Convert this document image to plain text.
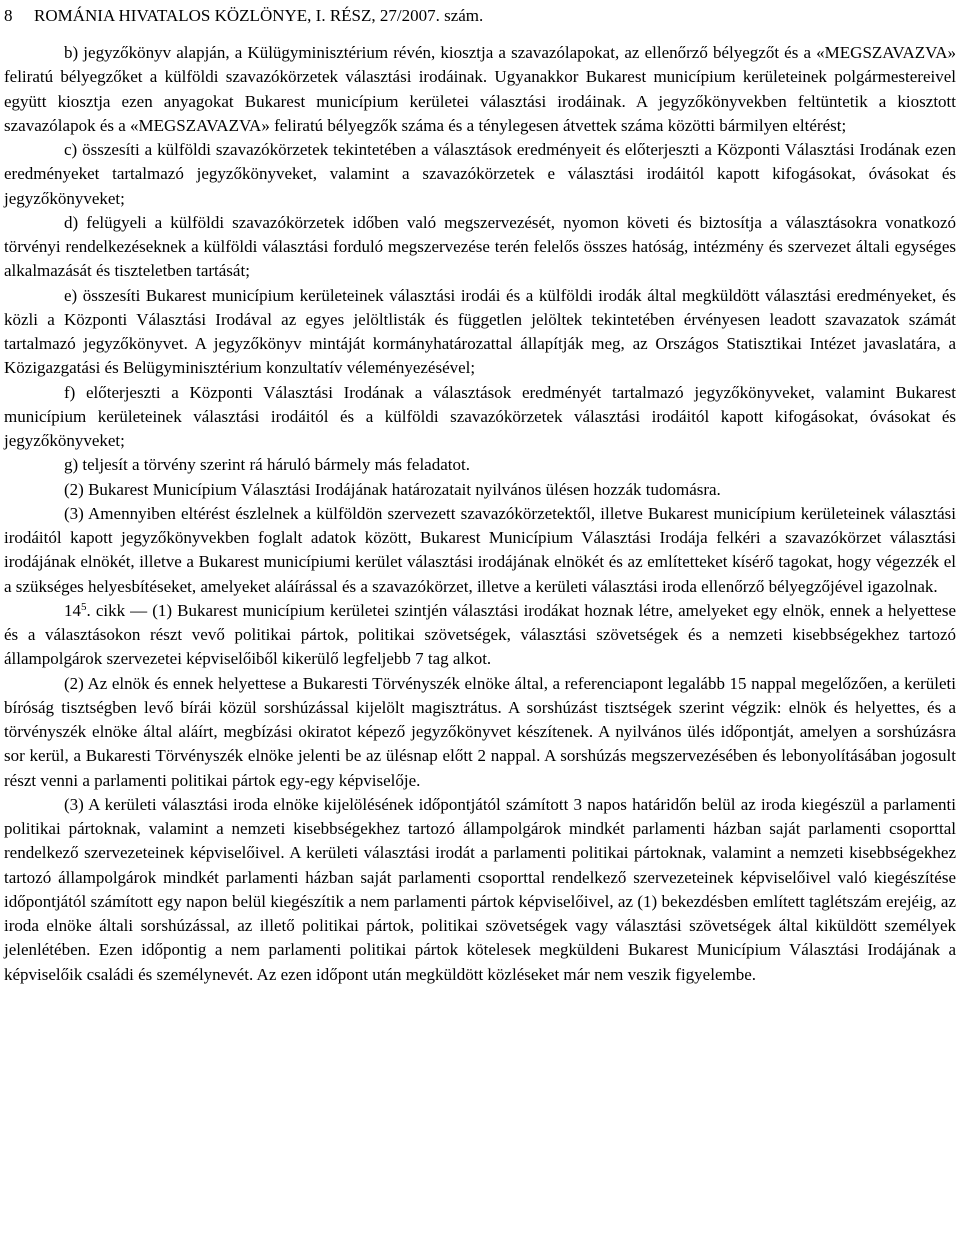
8 ROMÁNIA HIVATALOS KÖZLÖNYE, I. RÉSZ, 27/2007. szám.

b) jegyzőkönyv alapján, a Külügyminisztérium révén, kiosztja a szavazólapokat, az ellenőrző bélyegzőt és a «MEGSZAVAZVA» feliratú bélyegzőket a külföldi szavazókörzetek választási irodáinak. Ugyanakkor Bukarest municípium kerületeinek polgármestereivel együtt kiosztja ezen anyagokat Bukarest municípium kerületei választási irodáinak. A jegyzőkönyvekben feltüntetik a kiosztott szavazólapok és a «MEGSZAVAZVA» feliratú bélyegzők száma és a ténylegesen átvettek száma közötti bármilyen eltérést;

c) összesíti a külföldi szavazókörzetek tekintetében a választások eredményeit és előterjeszti a Központi Választási Irodának ezen eredményeket tartalmazó jegyzőkönyveket, valamint a szavazókörzetek e választási irodáitól kapott kifogásokat, óvásokat és jegyzőkönyveket;

d) felügyeli a külföldi szavazókörzetek időben való megszervezését, nyomon követi és biztosítja a választásokra vonatkozó törvényi rendelkezéseknek a külföldi választási forduló megszervezése terén felelős összes hatóság, intézmény és szervezet általi egységes alkalmazását és tiszteletben tartását;

e) összesíti Bukarest municípium kerületeinek választási irodái és a külföldi irodák által megküldött választási eredményeket, és közli a Központi Választási Irodával az egyes jelöltlisták és független jelöltek tekintetében érvényesen leadott szavazatok számát tartalmazó jegyzőkönyvet. A jegyzőkönyv mintáját kormányhatározattal állapítják meg, az Országos Statisztikai Intézet javaslatára, a Közigazgatási és Belügyminisztérium konzultatív véleményezésével;

f) előterjeszti a Központi Választási Irodának a választások eredményét tartalmazó jegyzőkönyveket, valamint Bukarest municípium kerületeinek választási irodáitól és a külföldi szavazókörzetek választási irodáitól kapott kifogásokat, óvásokat és jegyzőkönyveket;

g) teljesít a törvény szerint rá háruló bármely más feladatot.

(2) Bukarest Municípium Választási Irodájának határozatait nyilvános ülésen hozzák tudomásra.

(3) Amennyiben eltérést észlelnek a külföldön szervezett szavazókörzetektől, illetve Bukarest municípium kerületeinek választási irodáitól kapott jegyzőkönyvekben foglalt adatok között, Bukarest Municípium Választási Irodája felkéri a szavazókörzet választási irodájának elnökét, illetve a Bukarest municípiumi kerület választási irodájának elnökét és az említetteket kísérő tagokat, hogy végezzék el a szükséges helyesbítéseket, amelyeket aláírással és a szavazókörzet, illetve a kerületi választási iroda ellenőrző bélyegzőjével igazolnak.

$14^5$. cikk — (1) Bukarest municípium kerületei szintjén választási irodákat hoznak létre, amelyeket egy elnök, ennek a helyettese és a választásokon részt vevő politikai pártok, politikai szövetségek, választási szövetségek és a nemzeti kisebbségekhez tartozó állampolgárok szervezetei képviselőiből kikerülő legfeljebb 7 tag alkot.

(2) Az elnök és ennek helyettese a Bukaresti Törvényszék elnöke által, a referenciapont legalább 15 nappal megelőzően, a kerületi bíróság tisztségben levő bírái közül sorshúzással kijelölt magisztrátus. A sorshúzást tisztségek szerint végzik: elnök és helyettes, és a törvényszék elnöke által aláírt, megbízási okiratot képező jegyzőkönyvet készítenek. A nyilvános ülés időpontját, amelyen a sorshúzásra sor kerül, a Bukaresti Törvényszék elnöke jelenti be az ülésnap előtt 2 nappal. A sorshúzás megszervezésében és lebonyolításában jogosult részt venni a parlamenti politikai pártok egy-egy képviselője.

(3) A kerületi választási iroda elnöke kijelölésének időpontjától számított 3 napos határidőn belül az iroda kiegészül a parlamenti politikai pártoknak, valamint a nemzeti kisebbségekhez tartozó állampolgárok mindkét parlamenti házban saját parlamenti csoporttal rendelkező szervezeteinek képviselőivel. A kerületi választási irodát a parlamenti politikai pártoknak, valamint a nemzeti kisebbségekhez tartozó állampolgárok mindkét parlamenti házban saját parlamenti csoporttal rendelkező szervezeteinek képviselőivel való kiegészítése időpontjától számított egy napon belül kiegészítik a nem parlamenti pártok képviselőivel, az (1) bekezdésben említett taglétszám erejéig, az iroda elnöke általi sorshúzással, az illető politikai pártok, politikai szövetségek vagy választási szövetségek által kiküldött személyek jelenlétében. Ezen időpontig a nem parlamenti politikai pártok kötelesek megküldeni Bukarest Municípium Választási Irodájának a képviselőik családi és személynevét. Az ezen időpont után megküldött közléseket már nem veszik figyelembe.
